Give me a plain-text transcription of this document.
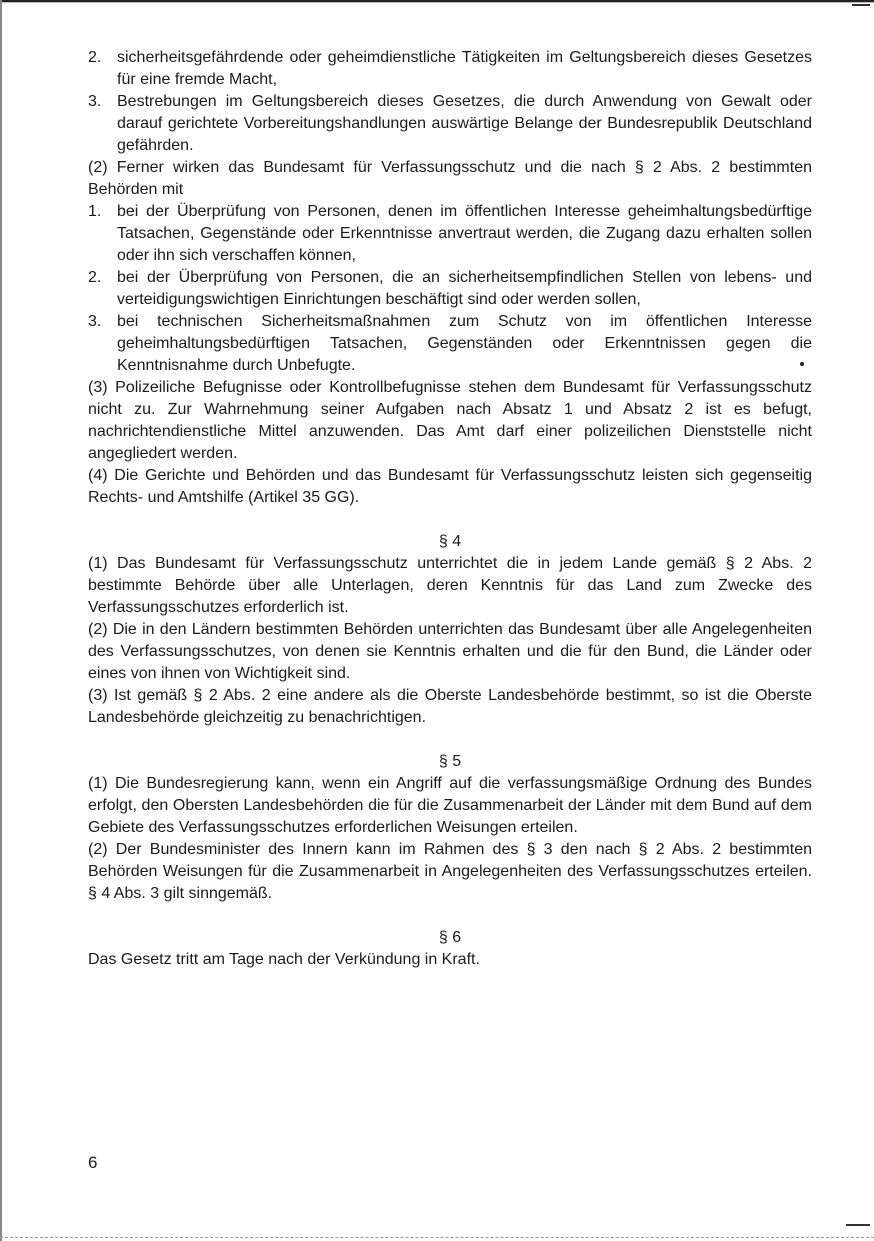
2. sicherheitsgefährdende oder geheimdienstliche Tätigkeiten im Geltungsbereich dieses Gesetzes für eine fremde Macht,
3. Bestrebungen im Geltungsbereich dieses Gesetzes, die durch Anwendung von Gewalt oder darauf gerichtete Vorbereitungshandlungen auswärtige Belange der Bundesrepublik Deutschland gefährden.
(2) Ferner wirken das Bundesamt für Verfassungsschutz und die nach § 2 Abs. 2 bestimmten Behörden mit
1. bei der Überprüfung von Personen, denen im öffentlichen Interesse geheimhaltungsbedürftige Tatsachen, Gegenstände oder Erkenntnisse anvertraut werden, die Zugang dazu erhalten sollen oder ihn sich verschaffen können,
2. bei der Überprüfung von Personen, die an sicherheitsempfindlichen Stellen von lebens- und verteidigungswichtigen Einrichtungen beschäftigt sind oder werden sollen,
3. bei technischen Sicherheitsmaßnahmen zum Schutz von im öffentlichen Interesse geheimhaltungsbedürftigen Tatsachen, Gegenständen oder Erkenntnissen gegen die Kenntnisnahme durch Unbefugte.
(3) Polizeiliche Befugnisse oder Kontrollbefugnisse stehen dem Bundesamt für Verfassungsschutz nicht zu. Zur Wahrnehmung seiner Aufgaben nach Absatz 1 und Absatz 2 ist es befugt, nachrichtendienstliche Mittel anzuwenden. Das Amt darf einer polizeilichen Dienststelle nicht angegliedert werden.
(4) Die Gerichte und Behörden und das Bundesamt für Verfassungsschutz leisten sich gegenseitig Rechts- und Amtshilfe (Artikel 35 GG).
§ 4
(1) Das Bundesamt für Verfassungsschutz unterrichtet die in jedem Lande gemäß § 2 Abs. 2 bestimmte Behörde über alle Unterlagen, deren Kenntnis für das Land zum Zwecke des Verfassungsschutzes erforderlich ist.
(2) Die in den Ländern bestimmten Behörden unterrichten das Bundesamt über alle Angelegenheiten des Verfassungsschutzes, von denen sie Kenntnis erhalten und die für den Bund, die Länder oder eines von ihnen von Wichtigkeit sind.
(3) Ist gemäß § 2 Abs. 2 eine andere als die Oberste Landesbehörde bestimmt, so ist die Oberste Landesbehörde gleichzeitig zu benachrichtigen.
§ 5
(1) Die Bundesregierung kann, wenn ein Angriff auf die verfassungsmäßige Ordnung des Bundes erfolgt, den Obersten Landesbehörden die für die Zusammenarbeit der Länder mit dem Bund auf dem Gebiete des Verfassungsschutzes erforderlichen Weisungen erteilen.
(2) Der Bundesminister des Innern kann im Rahmen des § 3 den nach § 2 Abs. 2 bestimmten Behörden Weisungen für die Zusammenarbeit in Angelegenheiten des Verfassungsschutzes erteilen. § 4 Abs. 3 gilt sinngemäß.
§ 6
Das Gesetz tritt am Tage nach der Verkündung in Kraft.
6
